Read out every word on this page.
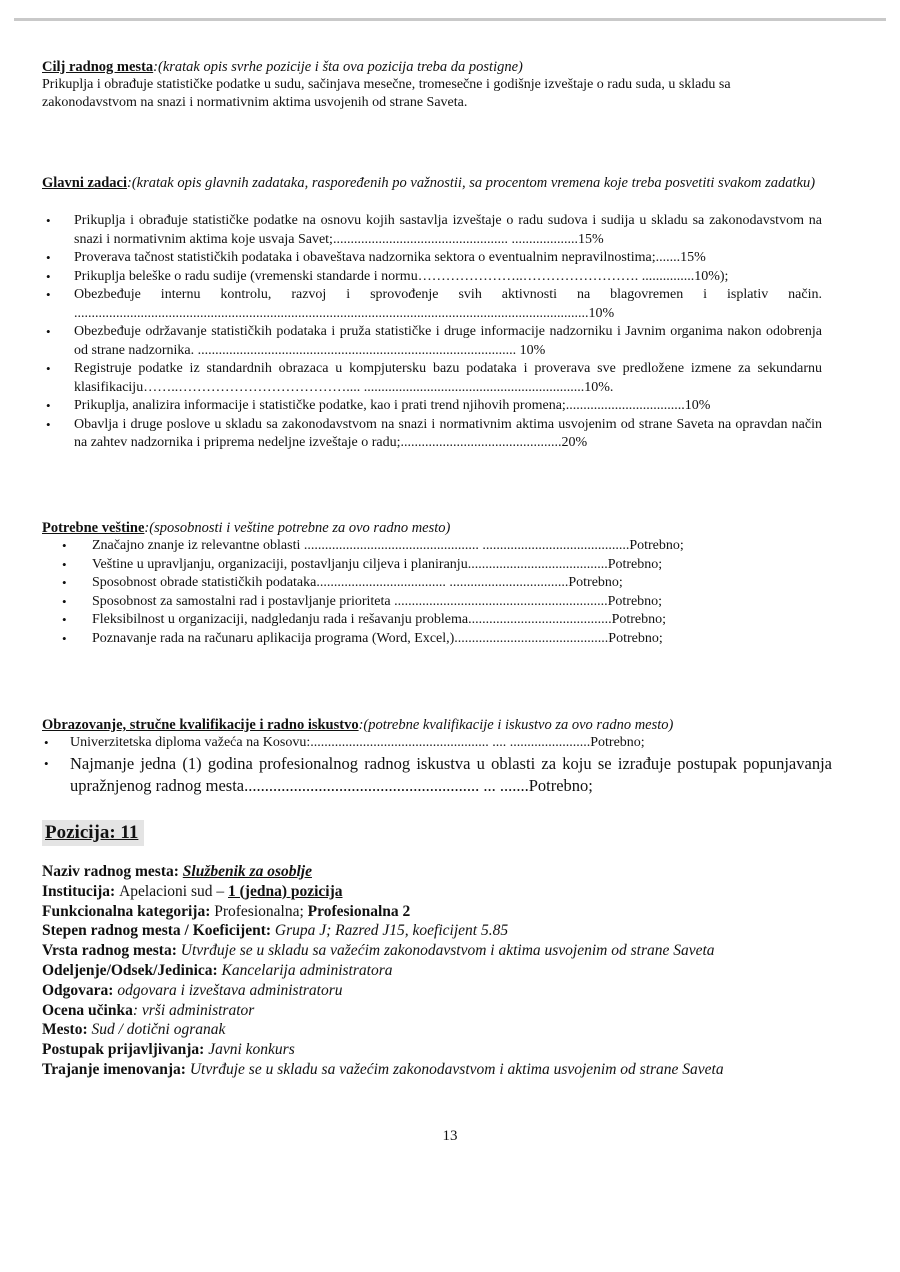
Cilj radnog mesta:(kratak opis svrhe pozicije i šta ova pozicija treba da postigne)

Prikuplja i obrađuje statističke podatke u sudu, sačinjava mesečne, tromesečne i godišnje izveštaje o radu suda, u skladu sa zakonodavstvom na snazi i normativnim aktima usvojenih od strane Saveta.

Glavni zadaci:(kratak opis glavnih zadataka, raspoređenih po važnostii, sa procentom vremena koje treba posvetiti svakom zadatku)
• Prikuplja i obrađuje statističke podatke na osnovu kojih sastavlja izveštaje o radu sudova i sudija u skladu sa zakonodavstvom na snazi i normativnim aktima koje usvaja Savet;.................................................. ...................15%
• Proverava tačnost statističkih podataka i obaveštava nadzornika sektora o eventualnim nepravilnostima;.......15%
• Prikuplja beleške o radu sudije (vremenski standarde i normu…………………..……………………. ...............10%);
• Obezbeđuje internu kontrolu, razvoj i sprovođenje svih aktivnosti na blagovremen i isplativ način. ...................................................................................................................................................10%
• Obezbeđuje održavanje statističkih podataka i pruža statističke i druge informacije nadzorniku i Javnim organima nakon odobrenja od strane nadzornika. ........................................................................................... 10%
• Registruje podatke iz standardnih obrazaca u kompjutersku bazu podataka i proverava sve predložene izmene za sekundarnu klasifikaciju……..……………………………….... ...............................................................10%.
• Prikuplja, analizira informacije i statističke podatke, kao i prati trend njihovih promena;..................................10%
• Obavlja i druge poslove u skladu sa zakonodavstvom na snazi i normativnim aktima usvojenim od strane Saveta na opravdan način na zahtev nadzornika i priprema nedeljne izveštaje o radu;..............................................20%
Potrebne veštine:(sposobnosti i veštine potrebne za ovo radno mesto)
• Značajno znanje iz relevantne oblasti .................................................. ..........................................Potrebno;
• Veštine u upravljanju, organizaciji, postavljanju ciljeva i planiranju........................................Potrebno;
• Sposobnost obrade statističkih podataka..................................... ..................................Potrebno;
• Sposobnost za samostalni rad i postavljanje prioriteta .............................................................Potrebno;
• Fleksibilnost u organizaciji, nadgledanju rada i rešavanju problema.........................................Potrebno;
• Poznavanje rada na računaru aplikacija programa (Word, Excel,)............................................Potrebno;
Obrazovanje, stručne kvalifikacije i radno iskustvo:(potrebne kvalifikacije i iskustvo za ovo radno mesto)
• Univerzitetska diploma važeća na Kosovu:................................................... .... .......................Potrebno;
• Najmanje jedna (1) godina profesionalnog radnog iskustva u oblasti za koju se izrađuje postupak popunjavanja upražnjenog radnog mesta......................................................... ... .......Potrebno;
Pozicija: 11

Naziv radnog mesta: Službenik za osoblje

Institucija: Apelacioni sud – 1 (jedna) pozicija

Funkcionalna kategorija: Profesionalna; Profesionalna 2

Stepen radnog mesta / Koeficijent: Grupa J; Razred J15, koeficijent 5.85

Vrsta radnog mesta: Utvrđuje se u skladu sa važećim zakonodavstvom i aktima usvojenim od strane Saveta

Odeljenje/Odsek/Jedinica: Kancelarija administratora

Odgovara: odgovara i izveštava administratoru

Ocena učinka: vrši administrator

Mesto: Sud / dotični ogranak

Postupak prijavljivanja: Javni konkurs

Trajanje imenovanja: Utvrđuje se u skladu sa važećim zakonodavstvom i aktima usvojenim od strane Saveta

13
